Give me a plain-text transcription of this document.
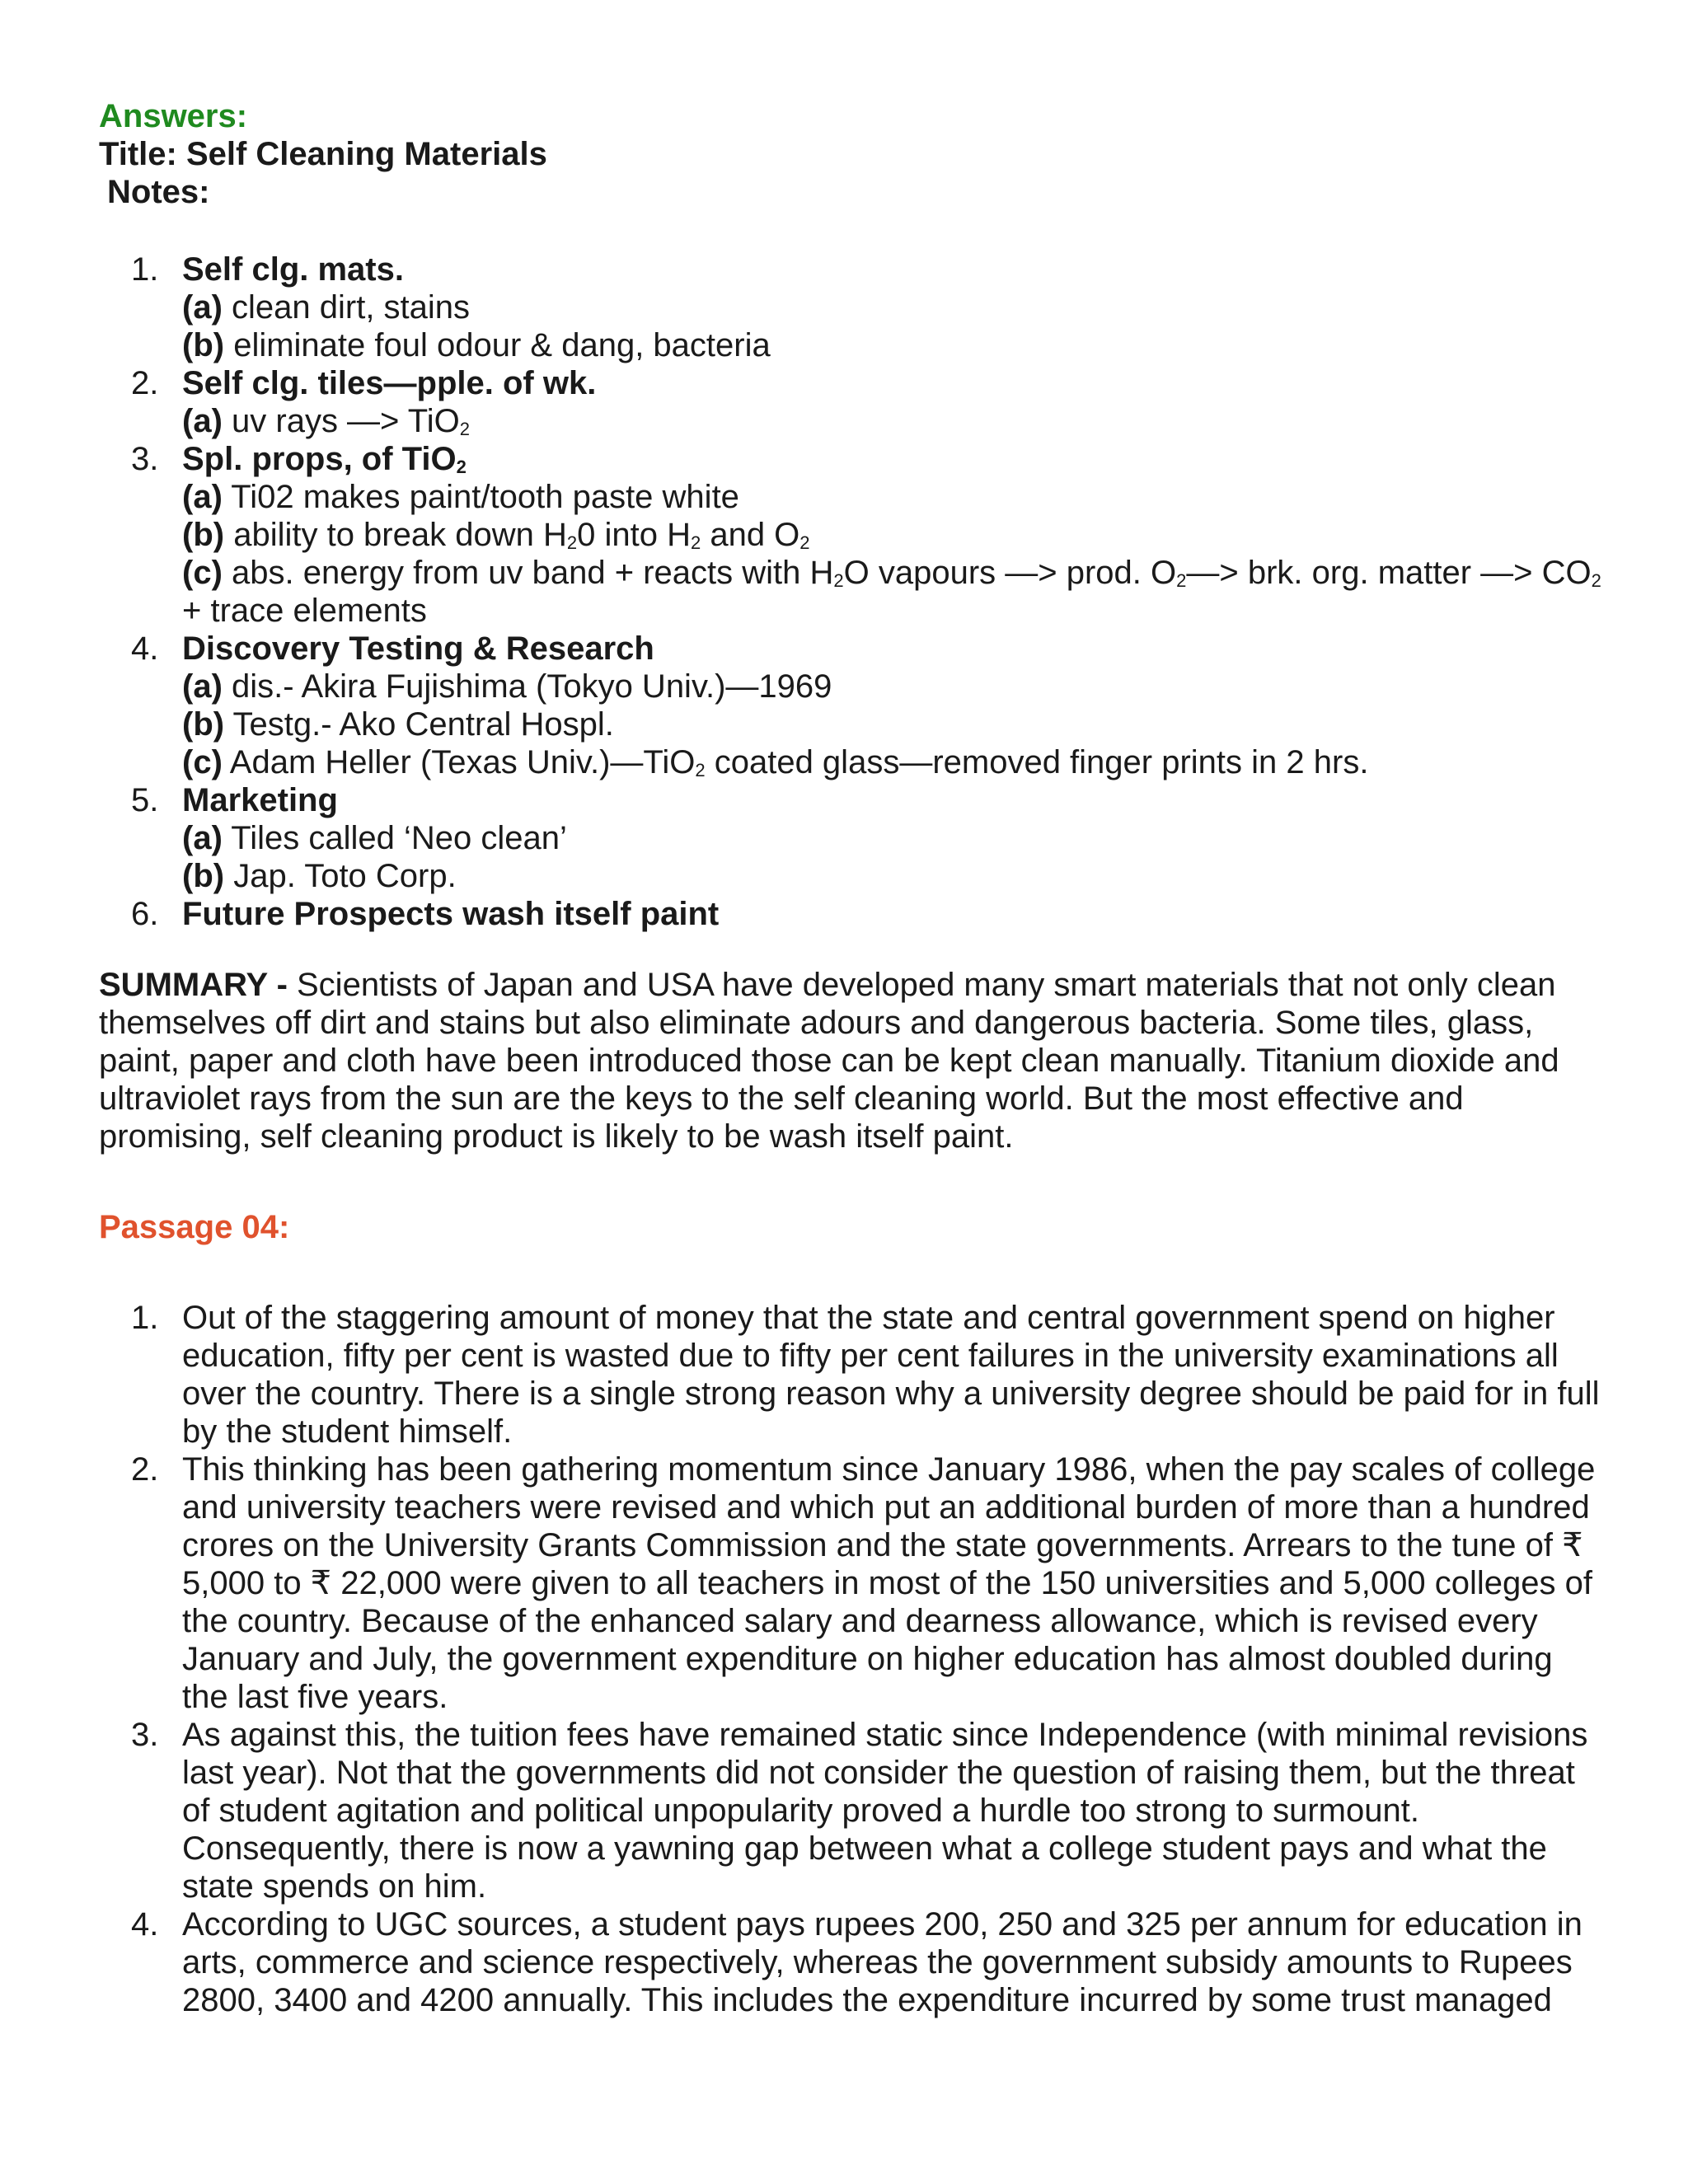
Answers:
Title: Self Cleaning Materials
Notes:
1. Self clg. mats.
(a) clean dirt, stains
(b) eliminate foul odour & dang, bacteria
2. Self clg. tiles—pple. of wk.
(a) uv rays —> TiO$_2$
3. Spl. props, of TiO$_2$
(a) Ti02 makes paint/tooth paste white
(b) ability to break down $H_20$ into $H_2$ and $O_2$
(c) abs. energy from uv band + reacts with $H_2O$ vapours —> prod. $O_2—>$ brk. org. matter —> $CO_2$ + trace elements
4. Discovery Testing & Research
(a) dis.- Akira Fujishima (Tokyo Univ.)—1969
(b) Testg.- Ako Central Hospl.
(c) Adam Heller (Texas Univ.)—TiO$_2$ coated glass—removed finger prints in 2 hrs.
5. Marketing
(a) Tiles called ‘Neo clean’
(b) Jap. Toto Corp.
6. Future Prospects wash itself paint

SUMMARY - Scientists of Japan and USA have developed many smart materials that not only clean themselves off dirt and stains but also eliminate adours and dangerous bacteria. Some tiles, glass, paint, paper and cloth have been introduced those can be kept clean manually. Titanium dioxide and ultraviolet rays from the sun are the keys to the self cleaning world. But the most effective and promising, self cleaning product is likely to be wash itself paint.

Passage 04:
1. Out of the staggering amount of money that the state and central government spend on higher education, fifty per cent is wasted due to fifty per cent failures in the university examinations all over the country. There is a single strong reason why a university degree should be paid for in full by the student himself.
2. This thinking has been gathering momentum since January 1986, when the pay scales of college and university teachers were revised and which put an additional burden of more than a hundred crores on the University Grants Commission and the state governments. Arrears to the tune of ₹ 5,000 to ₹ 22,000 were given to all teachers in most of the 150 universities and 5,000 colleges of the country. Because of the enhanced salary and dearness allowance, which is revised every January and July, the government expenditure on higher education has almost doubled during the last five years.
3. As against this, the tuition fees have remained static since Independence (with minimal revisions last year). Not that the governments did not consider the question of raising them, but the threat of student agitation and political unpopularity proved a hurdle too strong to surmount. Consequently, there is now a yawning gap between what a college student pays and what the state spends on him.
4. According to UGC sources, a student pays rupees 200, 250 and 325 per annum for education in arts, commerce and science respectively, whereas the government subsidy amounts to Rupees 2800, 3400 and 4200 annually. This includes the expenditure incurred by some trust managed
